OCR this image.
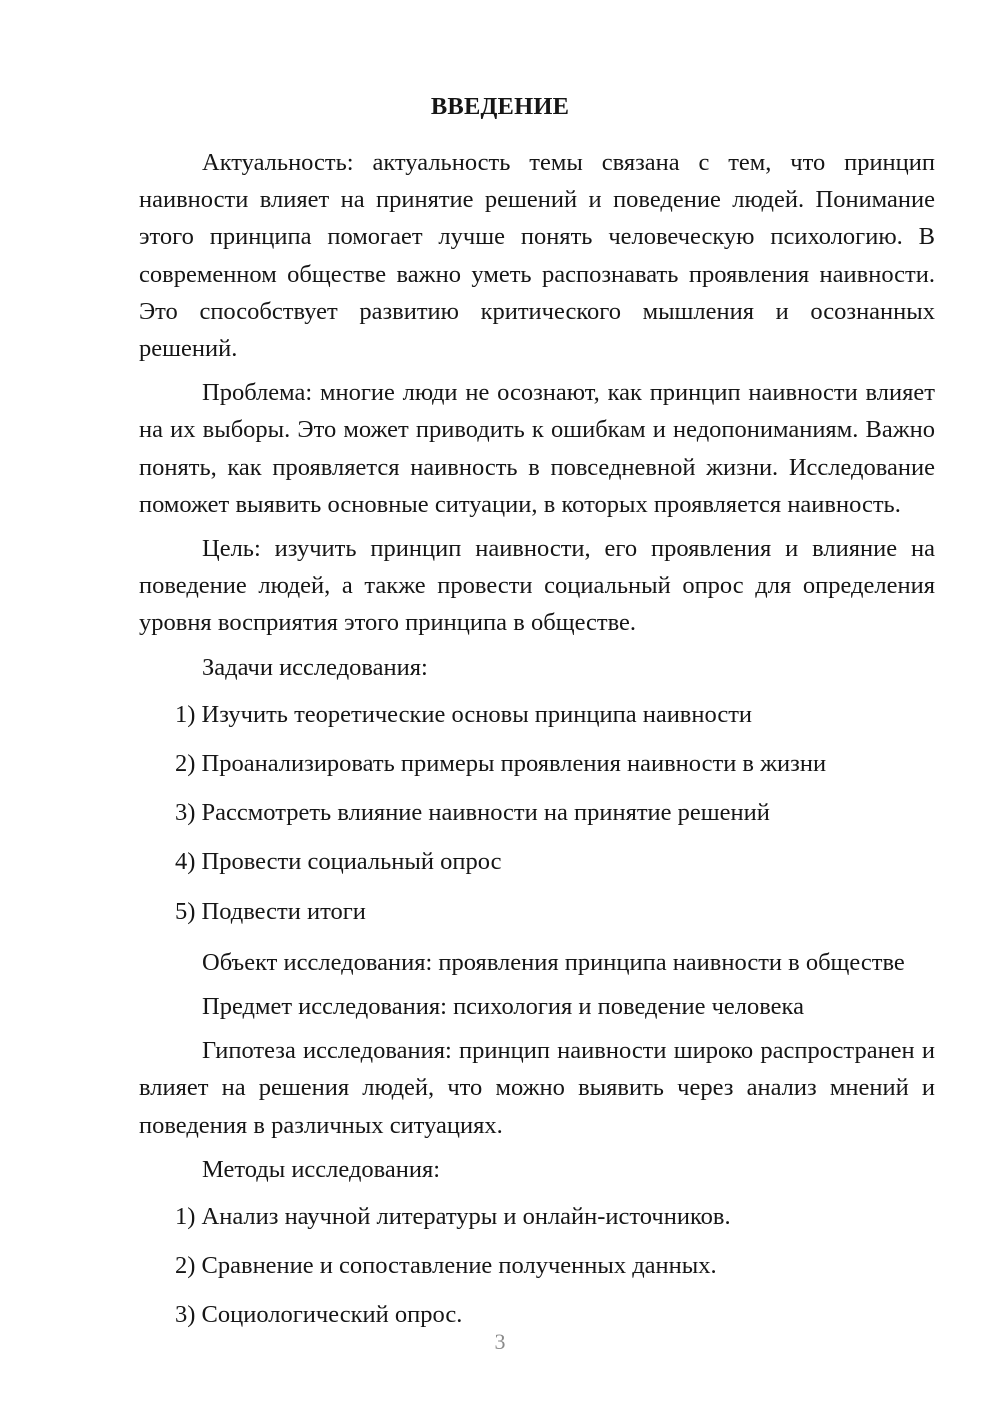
ВВЕДЕНИЕ

Актуальность: актуальность темы связана с тем, что принцип наивности влияет на принятие решений и поведение людей. Понимание этого принципа помогает лучше понять человеческую психологию. В современном обществе важно уметь распознавать проявления наивности. Это способствует развитию критического мышления и осознанных решений.

Проблема: многие люди не осознают, как принцип наивности влияет на их выборы. Это может приводить к ошибкам и недопониманиям. Важно понять, как проявляется наивность в повседневной жизни. Исследование поможет выявить основные ситуации, в которых проявляется наивность.

Цель: изучить принцип наивности, его проявления и влияние на поведение людей, а также провести социальный опрос для определения уровня восприятия этого принципа в обществе.

Задачи исследования:

1) Изучить теоретические основы принципа наивности
2) Проанализировать примеры проявления наивности в жизни
3) Рассмотреть влияние наивности на принятие решений
4) Провести социальный опрос
5) Подвести итоги

Объект исследования: проявления принципа наивности в обществе

Предмет исследования: психология и поведение человека

Гипотеза исследования: принцип наивности широко распространен и влияет на решения людей, что можно выявить через анализ мнений и поведения в различных ситуациях.

Методы исследования:

1) Анализ научной литературы и онлайн-источников.
2) Сравнение и сопоставление полученных данных.
3) Социологический опрос.
3
